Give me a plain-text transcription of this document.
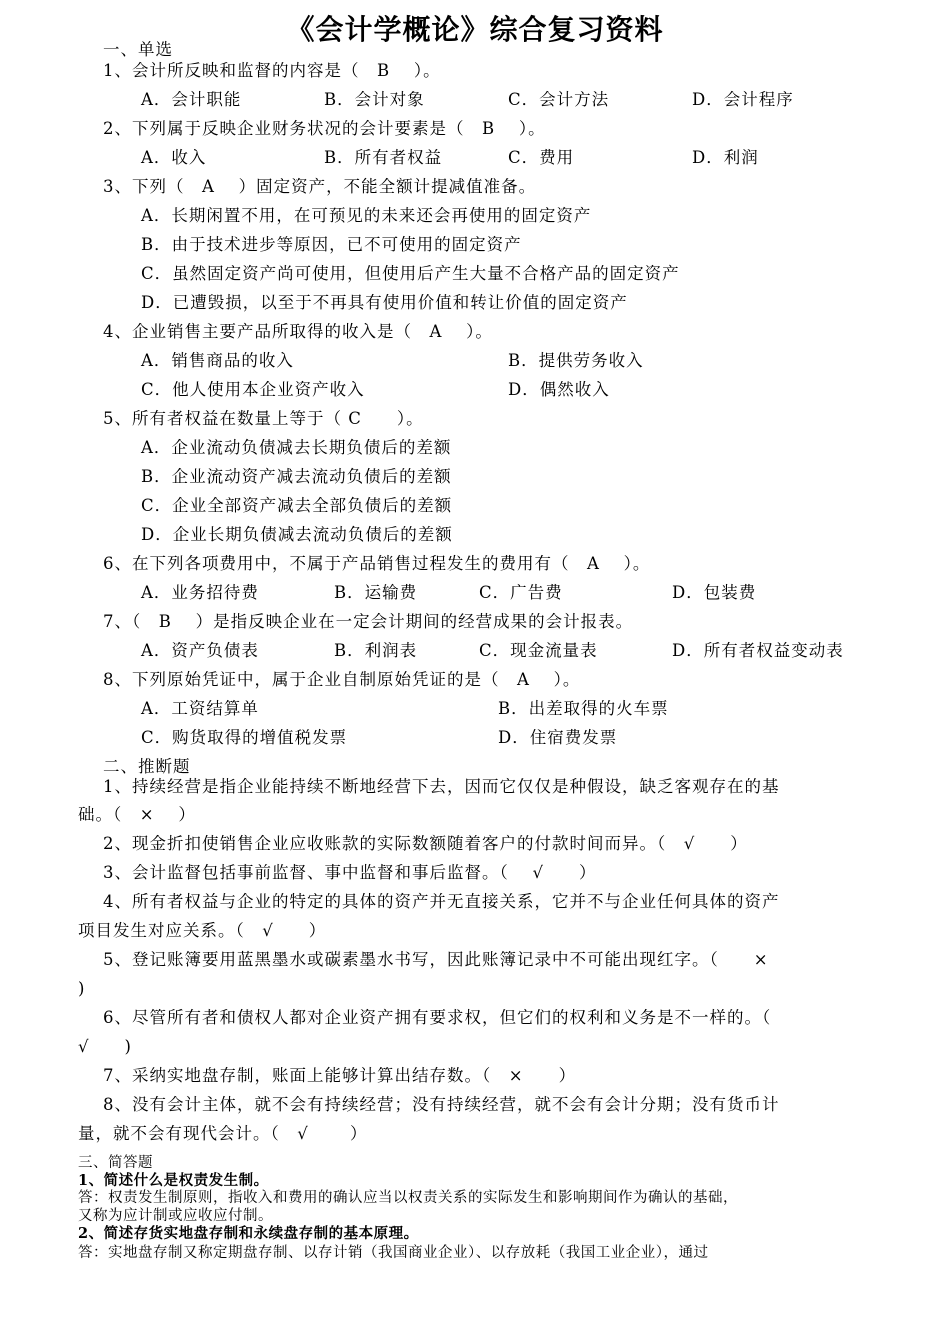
《会计学概论》综合复习资料
一、单选
1、会计所反映和监督的内容是（　B　 ）。
A．会计职能	B．会计对象	C．会计方法	D．会计程序
2、下列属于反映企业财务状况的会计要素是（　B　 ）。
A．收入	B．所有者权益	C．费用	D．利润
3、下列（　A　 ）固定资产，不能全额计提减值准备。
A．长期闲置不用，在可预见的未来还会再使用的固定资产
B．由于技术进步等原因，已不可使用的固定资产
C．虽然固定资产尚可使用，但使用后产生大量不合格产品的固定资产
D．已遭毁损，以至于不再具有使用价值和转让价值的固定资产
4、企业销售主要产品所取得的收入是（　A　 ）。
A．销售商品的收入	B．提供劳务收入
C．他人使用本企业资产收入	D．偶然收入
5、所有者权益在数量上等于（ C　　）。
A．企业流动负债减去长期负债后的差额
B．企业流动资产减去流动负债后的差额
C．企业全部资产减去全部负债后的差额
D．企业长期负债减去流动负债后的差额
6、在下列各项费用中，不属于产品销售过程发生的费用有（　A　 ）。
A．业务招待费	B．运输费	C．广告费	D．包装费
7、（　B　 ）是指反映企业在一定会计期间的经营成果的会计报表。
A．资产负债表	B．利润表	C．现金流量表	D．所有者权益变动表
8、下列原始凭证中，属于企业自制原始凭证的是（　A　 ）。
A．工资结算单	B．出差取得的火车票
C．购货取得的增值税发票	D．住宿费发票
二、推断题
1、持续经营是指企业能持续不断地经营下去，因而它仅仅是种假设，缺乏客观存在的基
础。（　×　 ）
2、现金折扣使销售企业应收账款的实际数额随着客户的付款时间而异。（　√　　）
3、会计监督包括事前监督、事中监督和事后监督。（　 √　　）
4、所有者权益与企业的特定的具体的资产并无直接关系，它并不与企业任何具体的资产
项目发生对应关系。（　√　　）
5、登记账簿要用蓝黑墨水或碳素墨水书写，因此账簿记录中不可能出现红字。（　　×
)
6、尽管所有者和债权人都对企业资产拥有要求权，但它们的权利和义务是不一样的。（
√　　)
7、采纳实地盘存制，账面上能够计算出结存数。（　×　　）
8、没有会计主体，就不会有持续经营；没有持续经营，就不会有会计分期；没有货币计
量，就不会有现代会计。（　√　　 ）
三、简答题
1、简述什么是权责发生制。
答：权责发生制原则，指收入和费用的确认应当以权责关系的实际发生和影响期间作为确认的基础，
又称为应计制或应收应付制。
2、简述存货实地盘存制和永续盘存制的基本原理。
答：实地盘存制又称定期盘存制、以存计销（我国商业企业）、以存放耗（我国工业企业），通过
